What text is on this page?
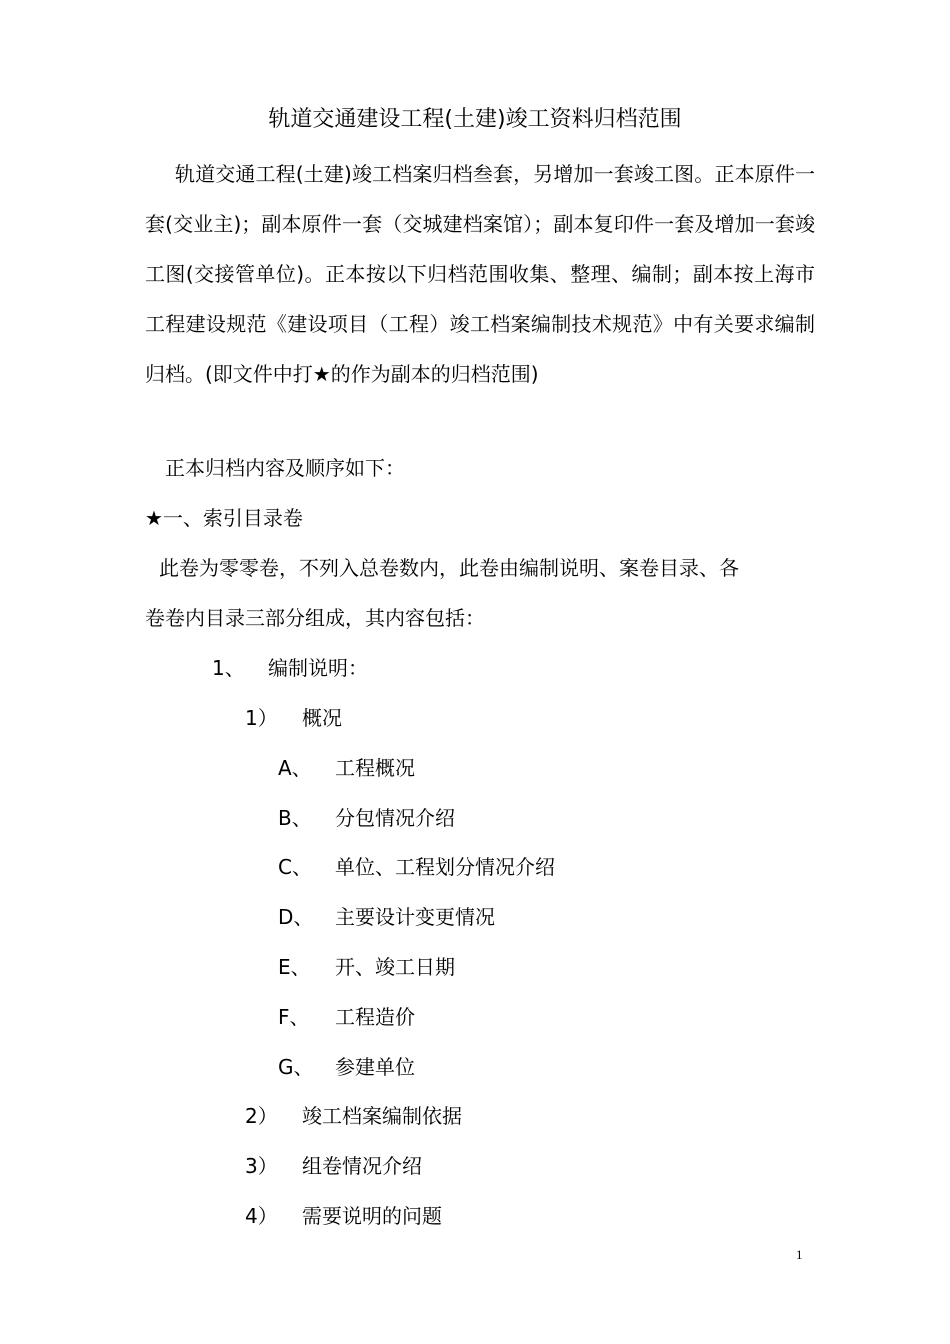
轨道交通建设工程(土建)竣工资料归档范围
轨道交通工程(土建)竣工档案归档叁套，另增加一套竣工图。正本原件一套(交业主)；副本原件一套（交城建档案馆）；副本复印件一套及增加一套竣工图(交接管单位)。正本按以下归档范围收集、整理、编制；副本按上海市工程建设规范《建设项目（工程）竣工档案编制技术规范》中有关要求编制归档。(即文件中打★的作为副本的归档范围)
正本归档内容及顺序如下：
★一、索引目录卷
此卷为零零卷，不列入总卷数内，此卷由编制说明、案卷目录、各
卷卷内目录三部分组成，其内容包括：
1、 编制说明：
1） 概况
A、 工程概况
B、 分包情况介绍
C、 单位、工程划分情况介绍
D、 主要设计变更情况
E、 开、竣工日期
F、 工程造价
G、 参建单位
2） 竣工档案编制依据
3） 组卷情况介绍
4） 需要说明的问题
1
